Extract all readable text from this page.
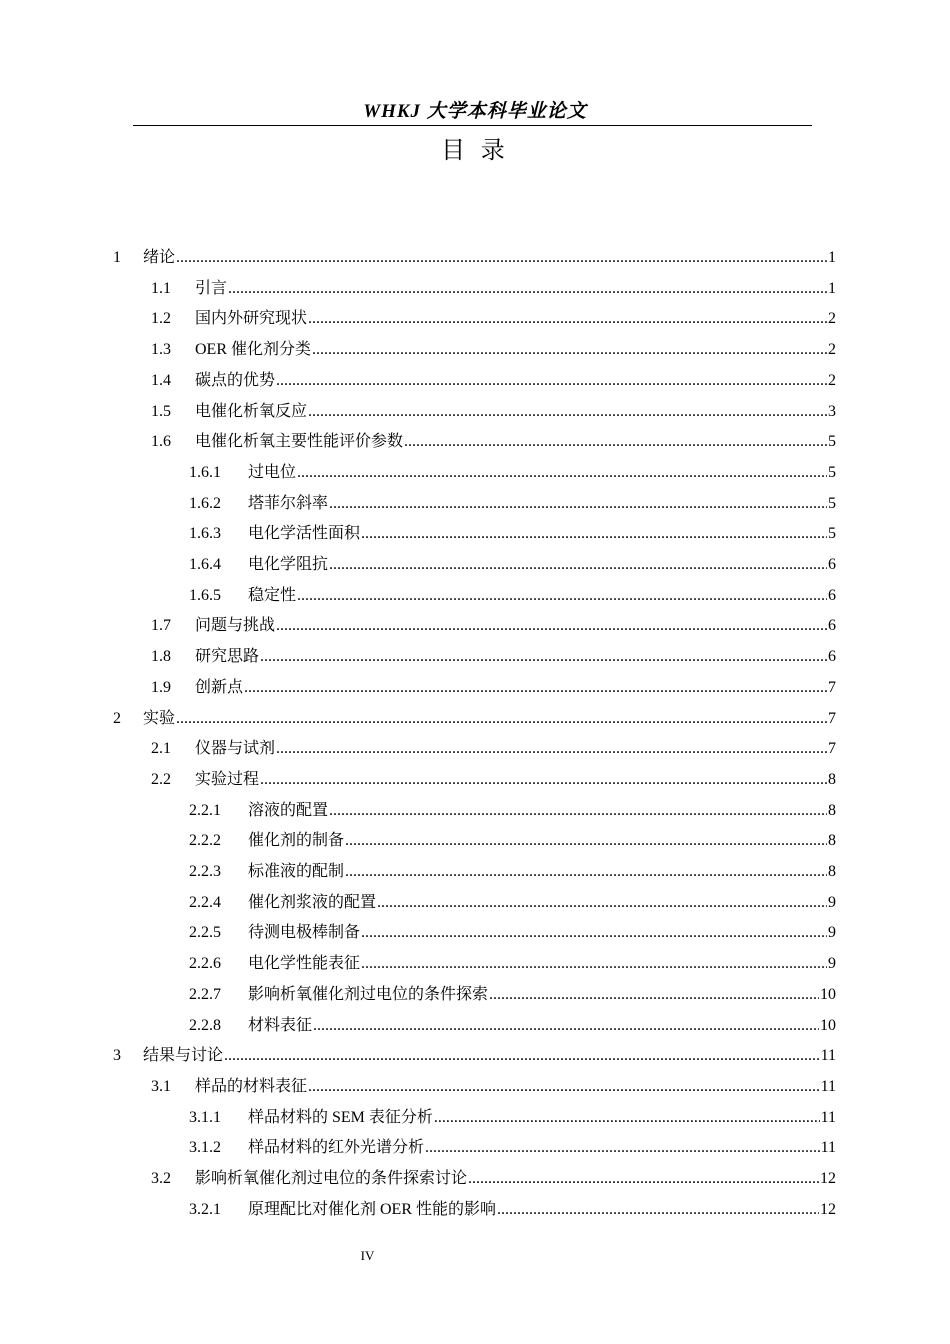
WHKJ 大学本科毕业论文
目 录
1	绪论 .....	1
1.1	引言 .....	1
1.2	国内外研究现状 .....	2
1.3	OER 催化剂分类 .....	2
1.4	碳点的优势 .....	2
1.5	电催化析氧反应 .....	3
1.6	电催化析氧主要性能评价参数 .....	5
1.6.1	过电位 .....	5
1.6.2	塔菲尔斜率 .....	5
1.6.3	电化学活性面积 .....	5
1.6.4	电化学阻抗 .....	6
1.6.5	稳定性 .....	6
1.7	问题与挑战 .....	6
1.8	研究思路 .....	6
1.9	创新点 .....	7
2	实验 .....	7
2.1	仪器与试剂 .....	7
2.2	实验过程 .....	8
2.2.1	溶液的配置 .....	8
2.2.2	催化剂的制备 .....	8
2.2.3	标准液的配制 .....	8
2.2.4	催化剂浆液的配置 .....	9
2.2.5	待测电极棒制备 .....	9
2.2.6	电化学性能表征 .....	9
2.2.7	影响析氧催化剂过电位的条件探索 .....	10
2.2.8	材料表征 .....	10
3	结果与讨论 .....	11
3.1	样品的材料表征 .....	11
3.1.1	样品材料的 SEM 表征分析 .....	11
3.1.2	样品材料的红外光谱分析 .....	11
3.2	影响析氧催化剂过电位的条件探索讨论 .....	12
3.2.1	原理配比对催化剂 OER 性能的影响 .....	12
IV
